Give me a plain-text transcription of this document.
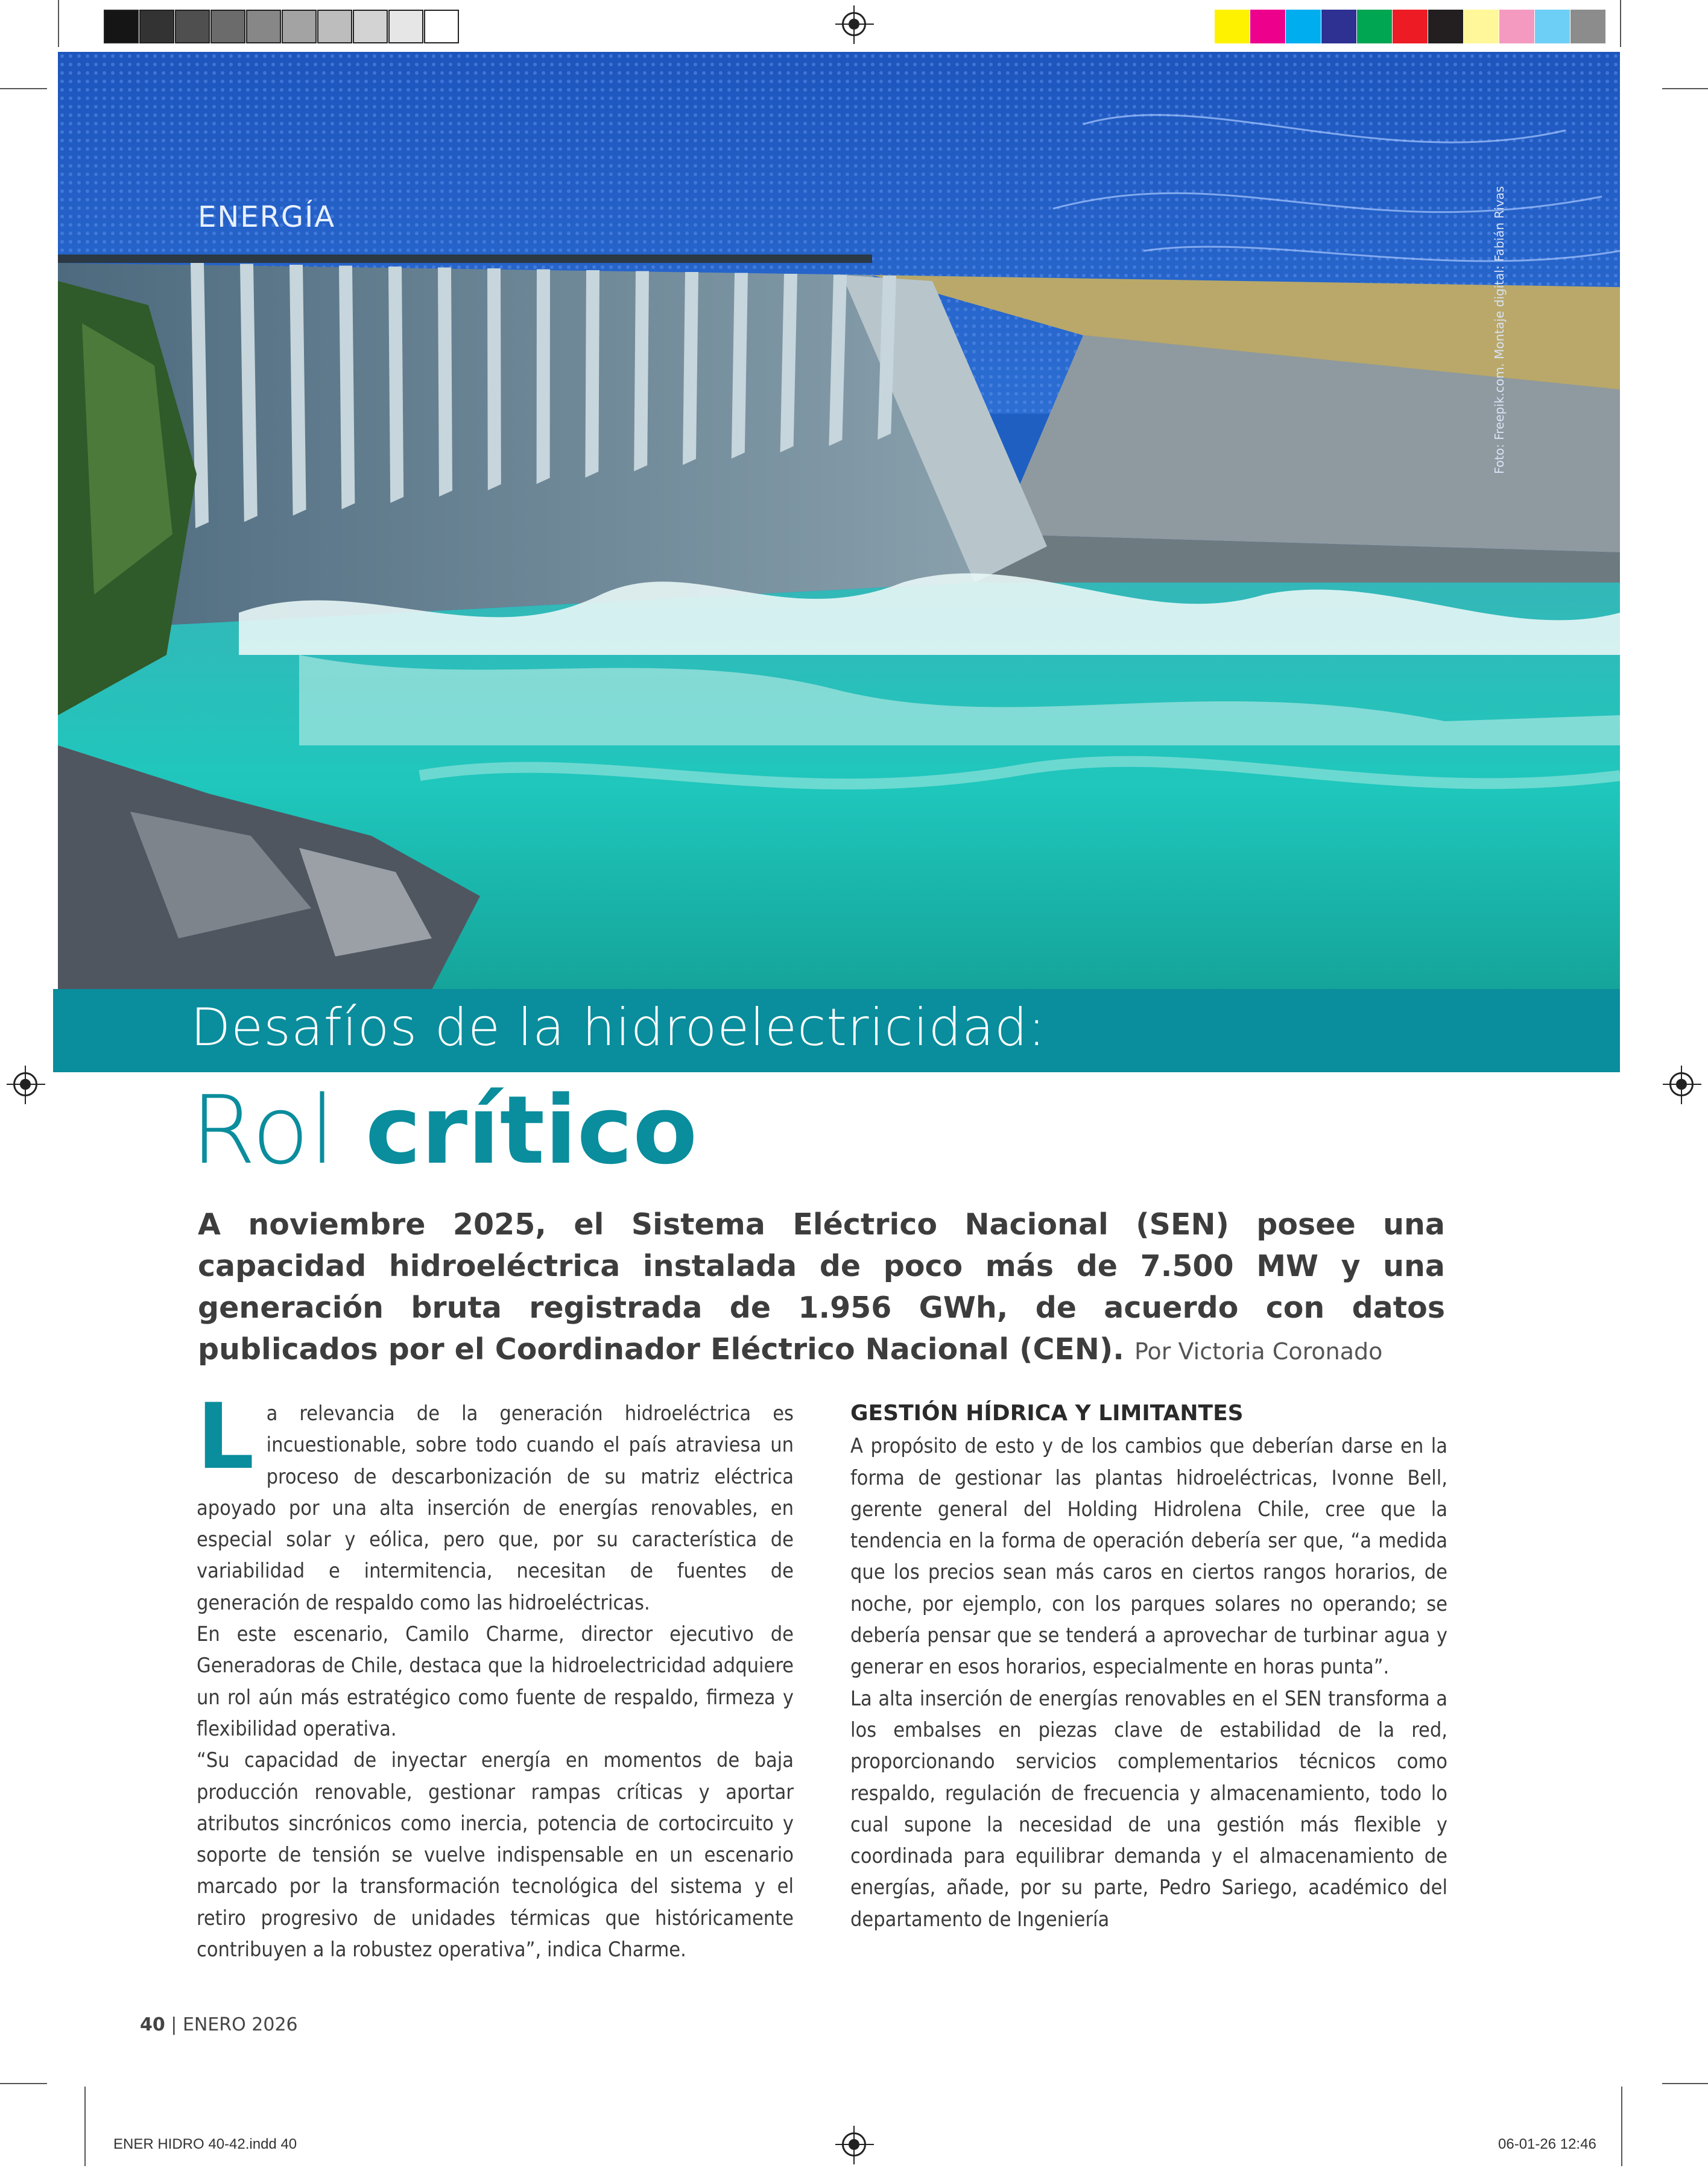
ENERGÍA	Foto: Freepik.com. Montaje digital: Fabián Rivas
Desafíos de la hidroelectricidad:
Rol crítico
A noviembre 2025, el Sistema Eléctrico Nacional (SEN) posee una capacidad hidroeléctrica instalada de poco más de 7.500 MW y una generación bruta registrada de 1.956 GWh, de acuerdo con datos publicados por el Coordinador Eléctrico Nacional (CEN). Por Victoria Coronado

La relevancia de la generación hidroeléctrica es incuestionable, sobre todo cuando el país atraviesa un proceso de descarbonización de su matriz eléctrica apoyado por una alta inserción de energías renovables, en especial solar y eólica, pero que, por su característica de variabilidad e intermitencia, necesitan de fuentes de generación de respaldo como las hidroeléctricas.

En este escenario, Camilo Charme, director ejecutivo de Generadoras de Chile, destaca que la hidroelectricidad adquiere un rol aún más estratégico como fuente de respaldo, firmeza y flexibilidad operativa.

“Su capacidad de inyectar energía en momentos de baja producción renovable, gestionar rampas críticas y aportar atributos sincrónicos como inercia, potencia de cortocircuito y soporte de tensión se vuelve indispensable en un escenario marcado por la transformación tecnológica del sistema y el retiro progresivo de unidades térmicas que históricamente contribuyen a la robustez operativa”, indica Charme.

GESTIÓN HÍDRICA Y LIMITANTES

A propósito de esto y de los cambios que deberían darse en la forma de gestionar las plantas hidroeléctricas, Ivonne Bell, gerente general del Holding Hidrolena Chile, cree que la tendencia en la forma de operación debería ser que, “a medida que los precios sean más caros en ciertos rangos horarios, de noche, por ejemplo, con los parques solares no operando; se debería pensar que se tenderá a aprovechar de turbinar agua y generar en esos horarios, especialmente en horas punta”.

La alta inserción de energías renovables en el SEN transforma a los embalses en piezas clave de estabilidad de la red, proporcionando servicios complementarios técnicos como respaldo, regulación de frecuencia y almacenamiento, todo lo cual supone la necesidad de una gestión más flexible y coordinada para equilibrar demanda y el almacenamiento de energías, añade, por su parte, Pedro Sariego, académico del departamento de Ingeniería

40 | ENERO 2026
ENER HIDRO 40-42.indd 40	06-01-26 12:46
